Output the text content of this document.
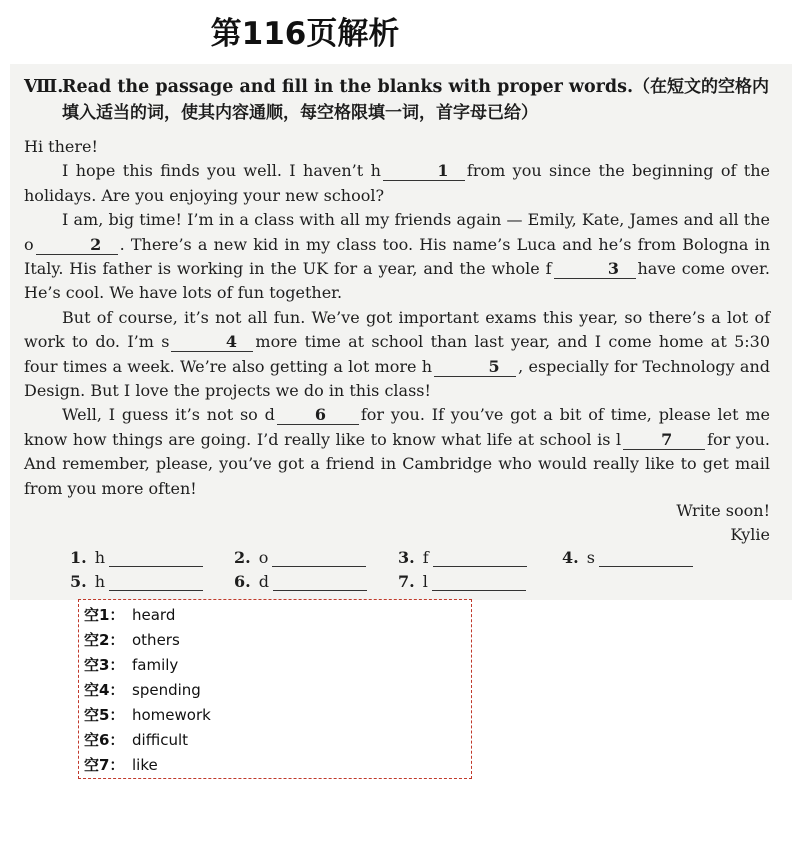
第116页解析
Ⅷ.Read the passage and fill in the blanks with proper words.（在短文的空格内
填入适当的词，使其内容通顺，每空格限填一词，首字母已给）

Hi there!

I hope this finds you well. I haven’t h	1 from you since the beginning of the holidays. Are you enjoying your new school?

I am, big time! I’m in a class with all my friends again — Emily, Kate, James and all the o	2 . There’s a new kid in my class too. His name’s Luca and he’s from Bologna in Italy. His father is working in the UK for a year, and the whole f	3 have come over. He’s cool. We have lots of fun together.

But of course, it’s not all fun. We’ve got important exams this year, so there’s a lot of work to do. I’m s	4 more time at school than last year, and I come home at 5:30 four times a week. We’re also getting a lot more h	5 , especially for Technology and Design. But I love the projects we do in this class!

Well, I guess it’s not so d	6 for you. If you’ve got a bit of time, please let me know how things are going. I’d really like to know what life at school is l	7 for you. And remember, please, you’ve got a friend in Cambridge who would really like to get mail from you more often!

Write soon!
Kylie
1. h	2. o	3. f	4. s
5. h	6. d	7. l
空1： heard
空2： others
空3： family
空4： spending
空5： homework
空6： difficult
空7： like
